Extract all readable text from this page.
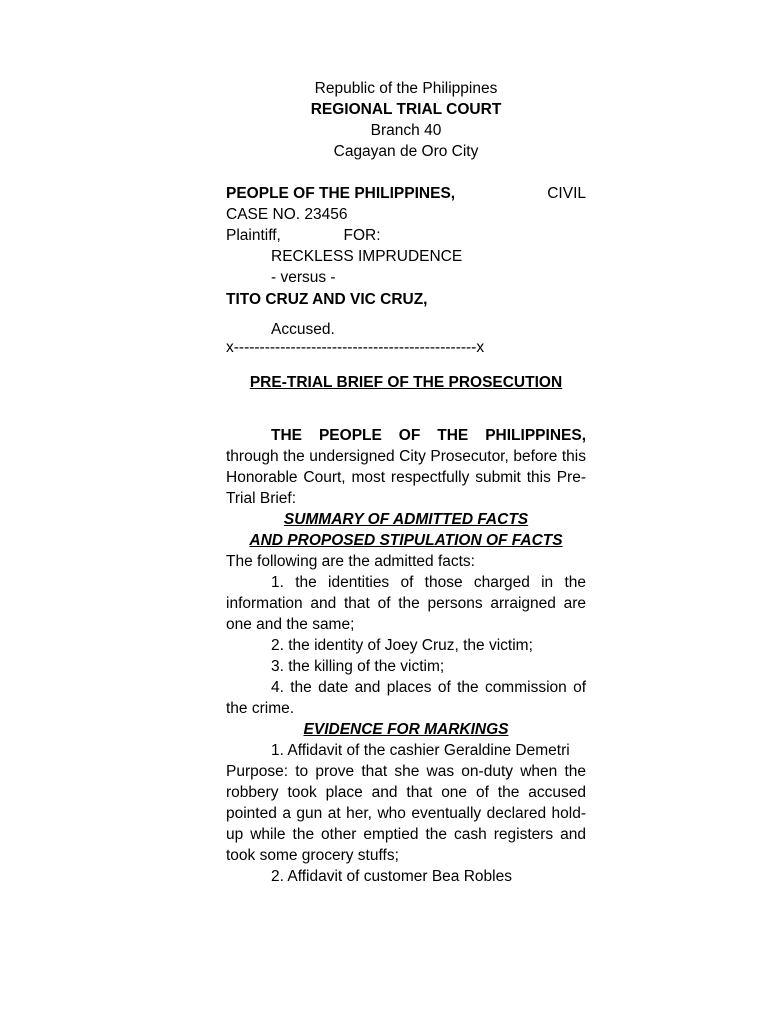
Republic of the Philippines
REGIONAL TRIAL COURT
Branch 40
Cagayan de Oro City
PEOPLE OF THE PHILIPPINES,	CIVIL
CASE NO. 23456
Plaintiff,	FOR:
RECKLESS IMPRUDENCE
- versus -
TITO CRUZ AND VIC CRUZ,
Accused.
x-----------------------------------------------x
PRE-TRIAL BRIEF OF THE PROSECUTION
THE PEOPLE OF THE PHILIPPINES, through the undersigned City Prosecutor, before this Honorable Court, most respectfully submit this Pre-Trial Brief:
SUMMARY OF ADMITTED FACTS
AND PROPOSED STIPULATION OF FACTS
The following are the admitted facts:
1. the identities of those charged in the information and that of the persons arraigned are one and the same;
2. the identity of Joey Cruz, the victim;
3. the killing of the victim;
4. the date and places of the commission of the crime.
EVIDENCE FOR MARKINGS
1. Affidavit of the cashier Geraldine Demetri
Purpose: to prove that she was on-duty when the robbery took place and that one of the accused pointed a gun at her, who eventually declared hold-up while the other emptied the cash registers and took some grocery stuffs;
2. Affidavit of customer Bea Robles
